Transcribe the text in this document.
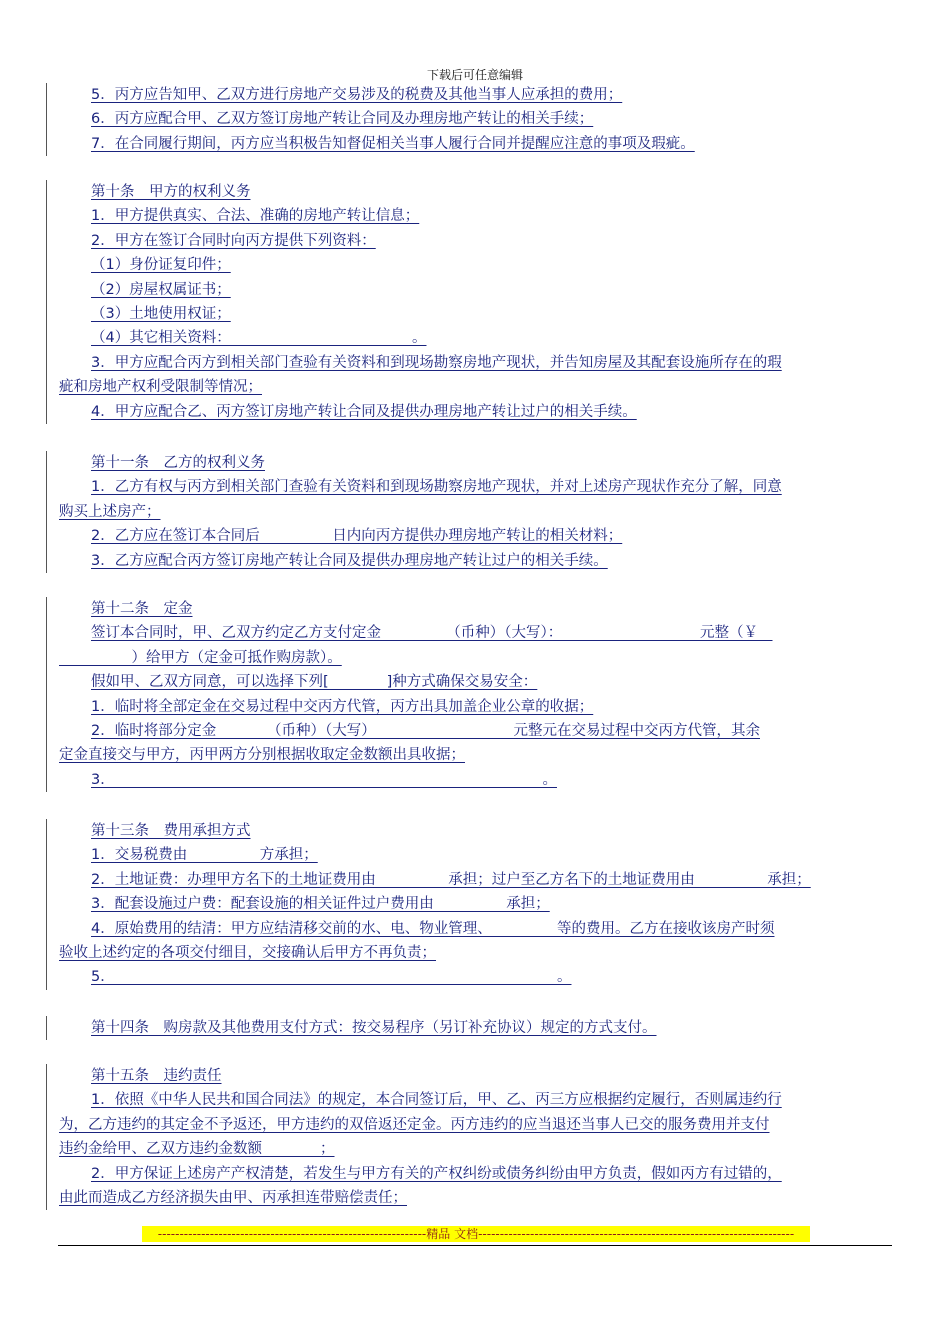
下载后可任意编辑
5．丙方应告知甲、乙双方进行房地产交易涉及的税费及其他当事人应承担的费用；
6．丙方应配合甲、乙双方签订房地产转让合同及办理房地产转让的相关手续；
7．在合同履行期间，丙方应当积极告知督促相关当事人履行合同并提醒应注意的事项及瑕疵。
第十条　甲方的权利义务
1．甲方提供真实、合法、准确的房地产转让信息；
2．甲方在签订合同时向丙方提供下列资料：
（1）身份证复印件；
（2）房屋权属证书；
（3）土地使用权证；
（4）其它相关资料：　　　　　　　　　　　　　。
3．甲方应配合丙方到相关部门查验有关资料和到现场勘察房地产现状，并告知房屋及其配套设施所存在的瑕
疵和房地产权利受限制等情况；
4．甲方应配合乙、丙方签订房地产转让合同及提供办理房地产转让过户的相关手续。
第十一条　乙方的权利义务
1．乙方有权与丙方到相关部门查验有关资料和到现场勘察房地产现状，并对上述房产现状作充分了解，同意
购买上述房产；
2．乙方应在签订本合同后　　　　　日内向丙方提供办理房地产转让的相关材料；
3．乙方应配合丙方签订房地产转让合同及提供办理房地产转让过户的相关手续。
第十二条　定金
签订本合同时，甲、乙双方约定乙方支付定金　　　　　（币种）（大写）：　　　　　　　　　　元整（￥　
　　　　　）给甲方（定金可抵作购房款）。
假如甲、乙双方同意，可以选择下列[　　　　]种方式确保交易安全：
1．临时将全部定金在交易过程中交丙方代管，丙方出具加盖企业公章的收据；
2．临时将部分定金　　　　（币种）（大写）　　　　　　　　　　元整元在交易过程中交丙方代管，其余
定金直接交与甲方，丙甲两方分别根据收取定金数额出具收据；
3．　　　　　　　　　　　　　　　　　　　　　　　　　　　　　　。
第十三条　费用承担方式
1．交易税费由　　　　　方承担；
2．土地证费：办理甲方名下的土地证费用由　　　　　承担；过户至乙方名下的土地证费用由　　　　　承担；
3．配套设施过户费：配套设施的相关证件过户费用由　　　　　承担；
4．原始费用的结清：甲方应结清移交前的水、电、物业管理、　　　　　等的费用。乙方在接收该房产时须
验收上述约定的各项交付细目，交接确认后甲方不再负责；
5．　　　　　　　　　　　　　　　　　　　　　　　　　　　　　　　。
第十四条　购房款及其他费用支付方式：按交易程序（另订补充协议）规定的方式支付。
第十五条　违约责任
1．依照《中华人民共和国合同法》的规定，本合同签订后，甲、乙、丙三方应根据约定履行，否则属违约行
为，乙方违约的其定金不予返还，甲方违约的双倍返还定金。丙方违约的应当退还当事人已交的服务费用并支付
违约金给甲、乙双方违约金数额　　　　；
2．甲方保证上述房产产权清楚，若发生与甲方有关的产权纠纷或债务纠纷由甲方负责，假如丙方有过错的，
由此而造成乙方经济损失由甲、丙承担连带赔偿责任；
--------------------------------------------------------------精品 文档-------------------------------------------------------------------------
